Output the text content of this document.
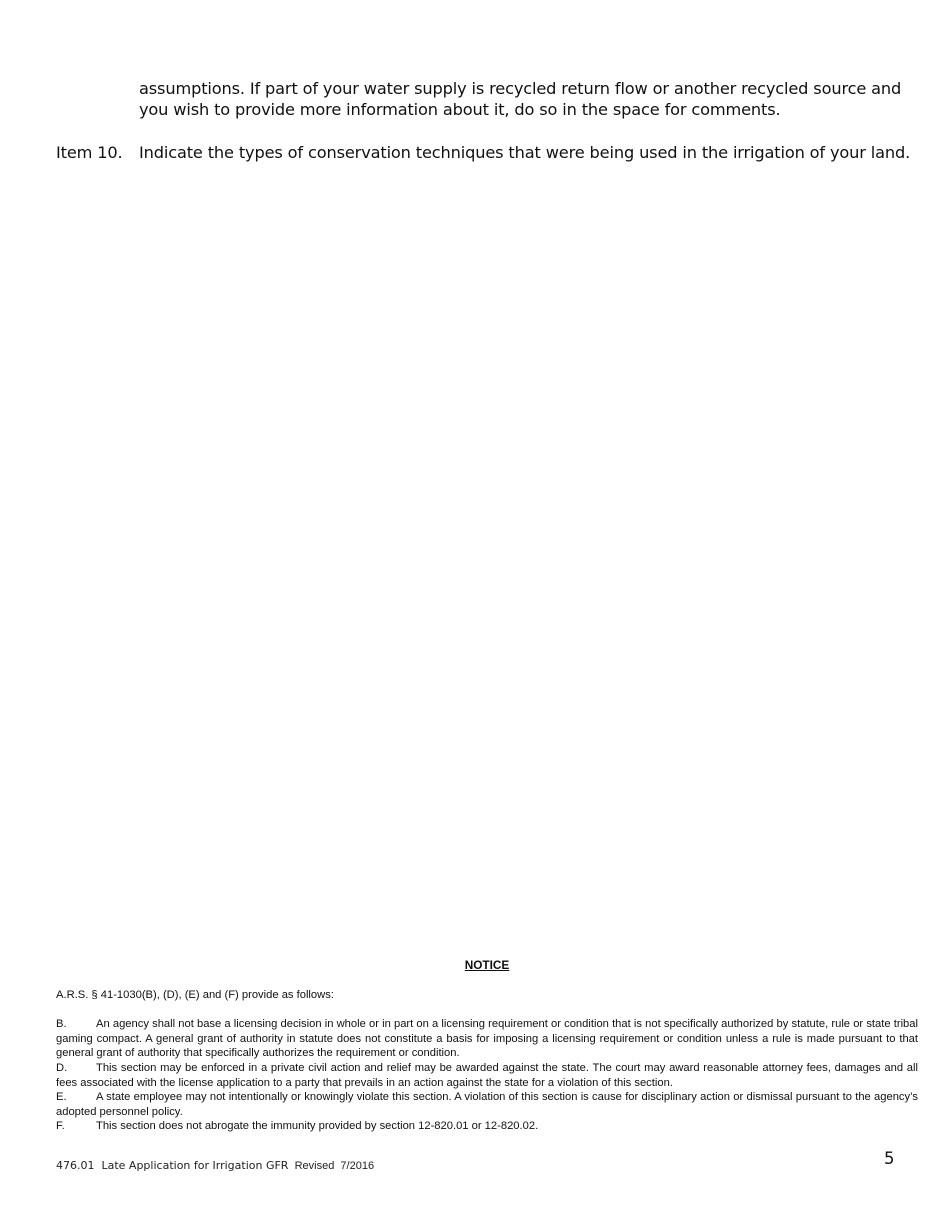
assumptions. If part of your water supply is recycled return flow or another recycled source and you wish to provide more information about it, do so in the space for comments.

Item 10. Indicate the types of conservation techniques that were being used in the irrigation of your land.

NOTICE

A.R.S. § 41-1030(B), (D), (E) and (F) provide as follows:

B.	An agency shall not base a licensing decision in whole or in part on a licensing requirement or condition that is not specifically authorized by statute, rule or state tribal gaming compact. A general grant of authority in statute does not constitute a basis for imposing a licensing requirement or condition unless a rule is made pursuant to that general grant of authority that specifically authorizes the requirement or condition.

D.	This section may be enforced in a private civil action and relief may be awarded against the state. The court may award reasonable attorney fees, damages and all fees associated with the license application to a party that prevails in an action against the state for a violation of this section.

E.	A state employee may not intentionally or knowingly violate this section. A violation of this section is cause for disciplinary action or dismissal pursuant to the agency’s adopted personnel policy.

F.	This section does not abrogate the immunity provided by section 12-820.01 or 12-820.02.

5
476.01  Late Application for Irrigation GFR  Revised  7/2016
